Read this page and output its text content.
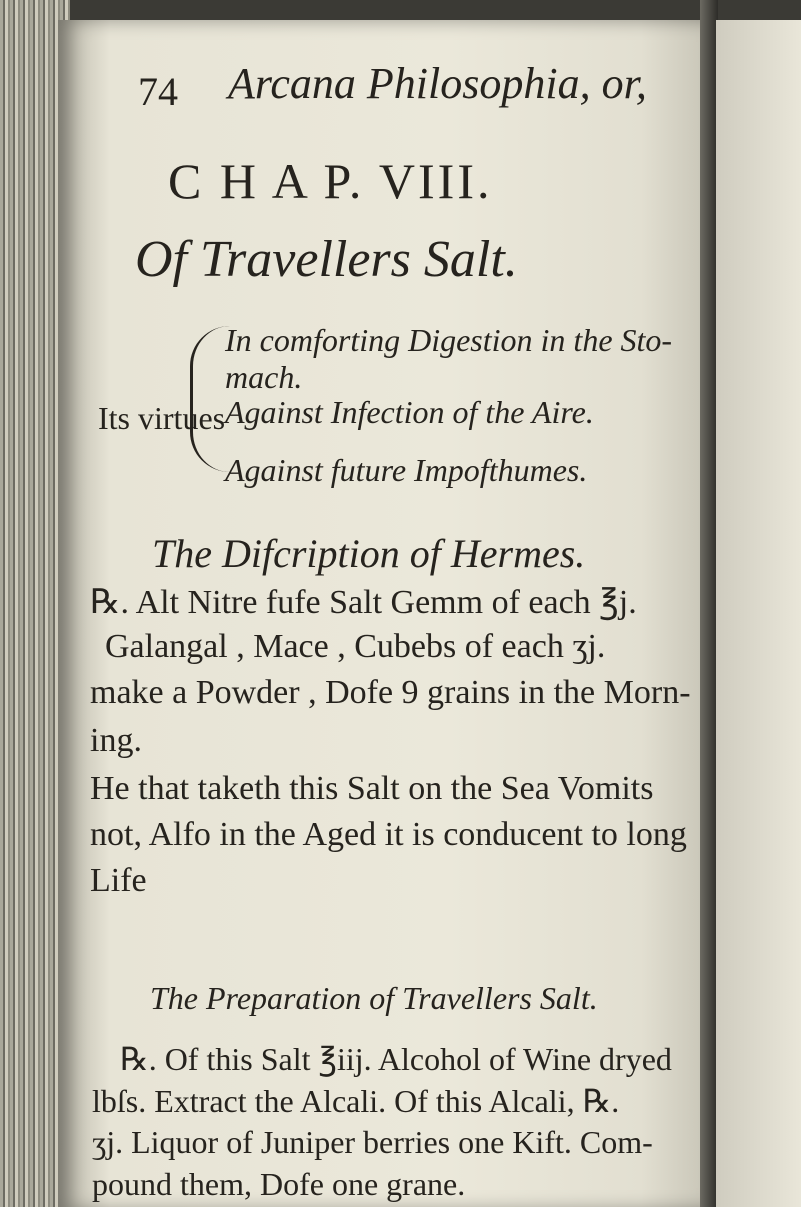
74 Arcana Philosophia, or,
C H A P. VIII.
Of Travellers Salt.
Its virtues
In comforting Digestion in the Sto-
mach.
Against Infection of the Aire.
Against future Impofthumes.
The Difcription of Hermes.
℞. Alt Nitre fufe Salt Gemm of each ℥j.
Galangal , Mace , Cubebs of each ʒj.
make a Powder , Dofe 9 grains in the Morn-
ing.
He that taketh this Salt on the Sea Vomits
not, Alfo in the Aged it is conducent to long
Life
The Preparation of Travellers Salt.
℞. Of this Salt ℥iij. Alcohol of Wine dryed
lbſs. Extract the Alcali. Of this Alcali, ℞.
ʒj. Liquor of Juniper berries one Kift. Com-
pound them, Dofe one grane.
